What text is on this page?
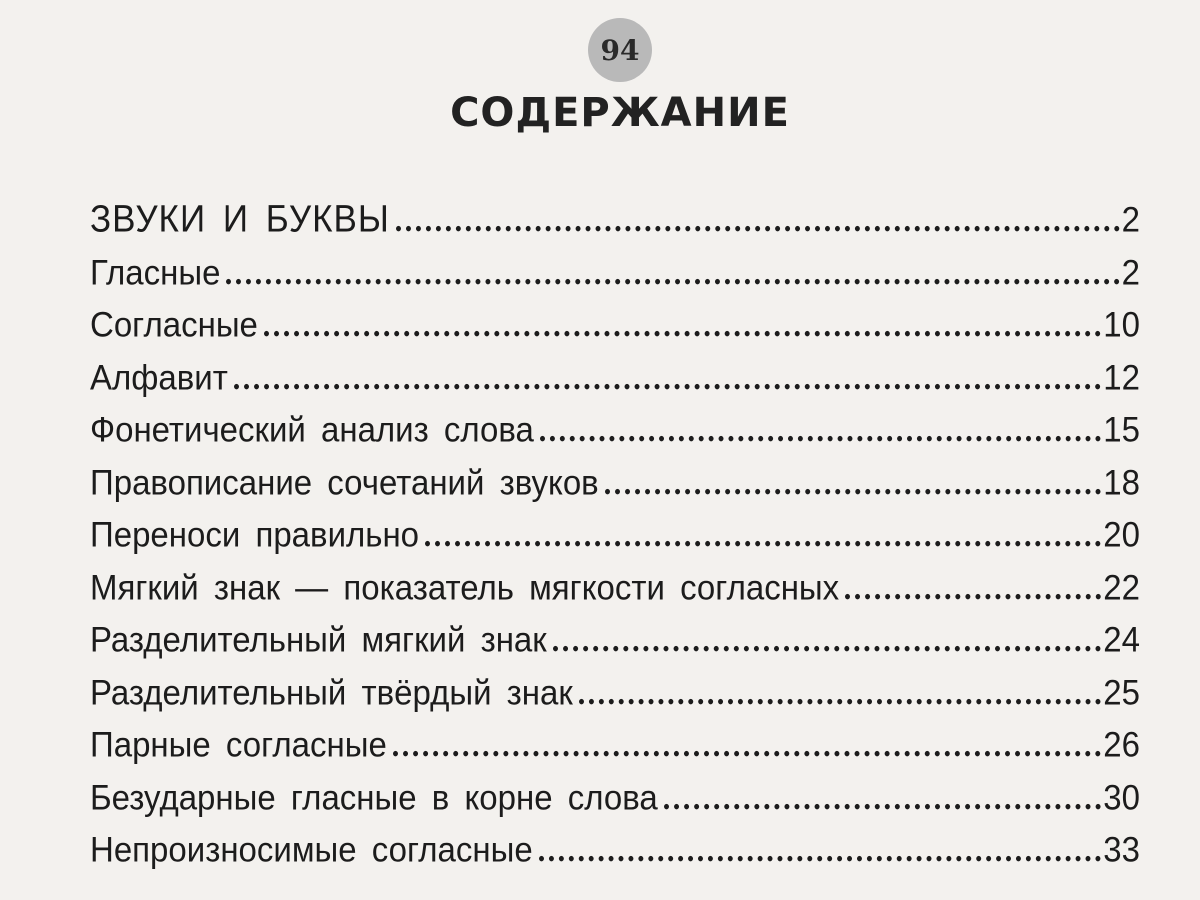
94
СОДЕРЖАНИЕ
ЗВУКИ И БУКВЫ	2
Гласные	2
Согласные	10
Алфавит	12
Фонетический анализ слова	15
Правописание сочетаний звуков	18
Переноси правильно	20
Мягкий знак — показатель мягкости согласных	22
Разделительный мягкий знак	24
Разделительный твёрдый знак	25
Парные согласные	26
Безударные гласные в корне слова	30
Непроизносимые согласные	33
